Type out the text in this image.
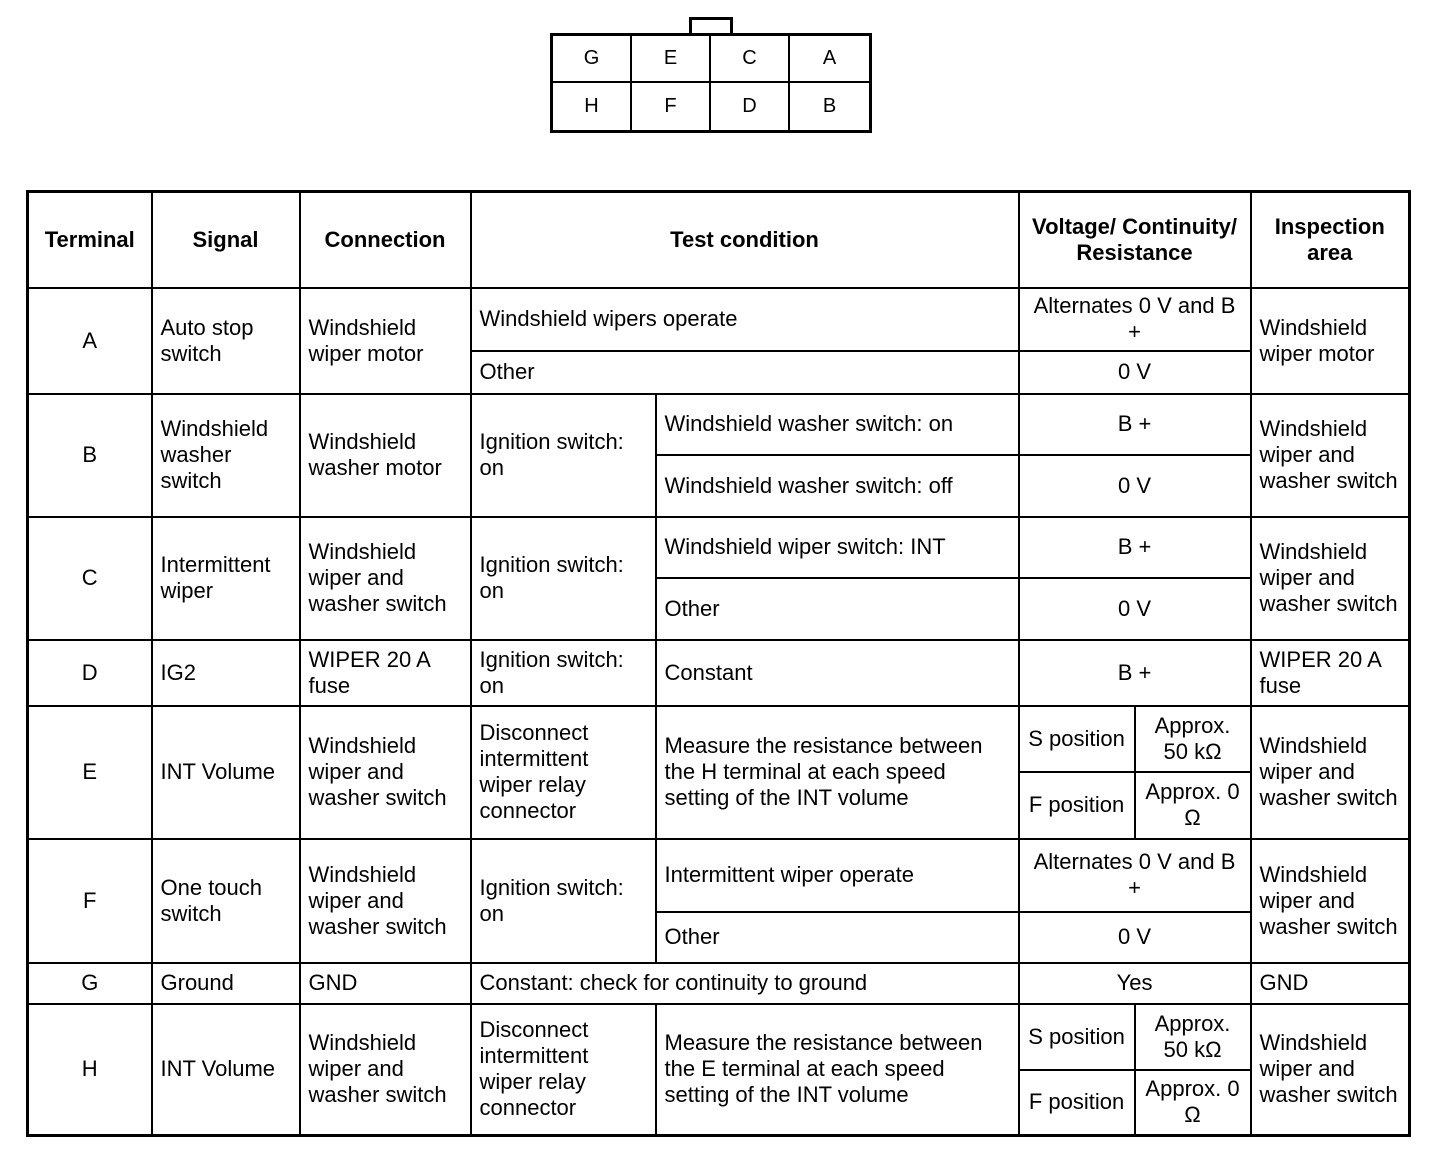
G	E	C	A
H	F	D	B
Terminal	Signal	Connection	Test condition		Voltage/ Continuity/ Resistance		Inspection area
A	Auto stop switch	Windshield wiper motor	Windshield wipers operate		Alternates 0 V and B +		Windshield wiper motor
			Other		0 V		
B	Windshield washer switch	Windshield washer motor	Ignition switch: on	Windshield washer switch: on	B +		Windshield wiper and washer switch
				Windshield washer switch: off	0 V		
C	Intermittent wiper	Windshield wiper and washer switch	Ignition switch: on	Windshield wiper switch: INT	B +		Windshield wiper and washer switch
				Other	0 V		
D	IG2	WIPER 20 A fuse	Ignition switch: on	Constant	B +		WIPER 20 A fuse
E	INT Volume	Windshield wiper and washer switch	Disconnect intermittent wiper relay connector	Measure the resistance between the H terminal at each speed setting of the INT volume	S position	Approx. 50 kΩ	Windshield wiper and washer switch
					F position	Approx. 0 Ω	
F	One touch switch	Windshield wiper and washer switch	Ignition switch: on	Intermittent wiper operate	Alternates 0 V and B +		Windshield wiper and washer switch
				Other	0 V		
G	Ground	GND	Constant: check for continuity to ground		Yes		GND
H	INT Volume	Windshield wiper and washer switch	Disconnect intermittent wiper relay connector	Measure the resistance between the E terminal at each speed setting of the INT volume	S position	Approx. 50 kΩ	Windshield wiper and washer switch
					F position	Approx. 0 Ω	
